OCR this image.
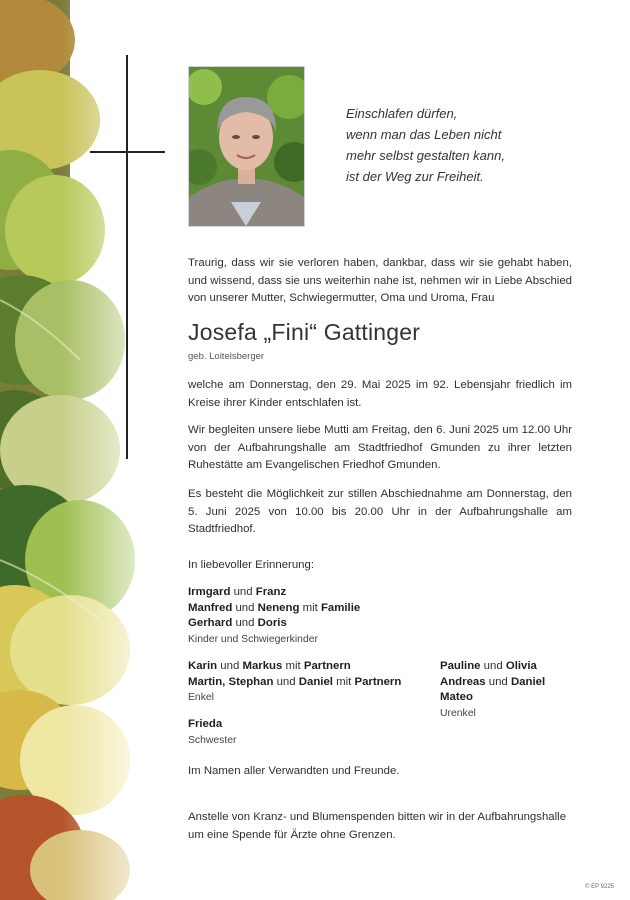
Einschlafen dürfen,
wenn man das Leben nicht
mehr selbst gestalten kann,
ist der Weg zur Freiheit.
Traurig, dass wir sie verloren haben, dankbar, dass wir sie gehabt haben, und wissend, dass sie uns weiterhin nahe ist, nehmen wir in Liebe Abschied von unserer Mutter, Schwiegermutter, Oma und Uroma, Frau
Josefa „Fini“ Gattinger
geb. Loitelsberger
welche am Donnerstag, den 29. Mai 2025 im 92. Lebensjahr friedlich im Kreise ihrer Kinder entschlafen ist.
Wir begleiten unsere liebe Mutti am Freitag, den 6. Juni 2025 um 12.00 Uhr von der Aufbahrungshalle am Stadtfriedhof Gmunden zu ihrer letzten Ruhestätte am Evangelischen Friedhof Gmunden.
Es besteht die Möglichkeit zur stillen Abschiednahme am Donnerstag, den 5. Juni 2025 von 10.00 bis 20.00 Uhr in der Aufbahrungshalle am Stadtfriedhof.
In liebevoller Erinnerung:
Irmgard und Franz
Manfred und Neneng mit Familie
Gerhard und Doris
Kinder und Schwiegerkinder
Karin und Markus mit Partnern
Martin, Stephan und Daniel mit Partnern
Enkel
Pauline und Olivia
Andreas und Daniel
Mateo
Urenkel
Frieda
Schwester
Im Namen aller Verwandten und Freunde.
Anstelle von Kranz- und Blumenspenden bitten wir in der Aufbahrungshalle um eine Spende für Ärzte ohne Grenzen.
© EP 9225
